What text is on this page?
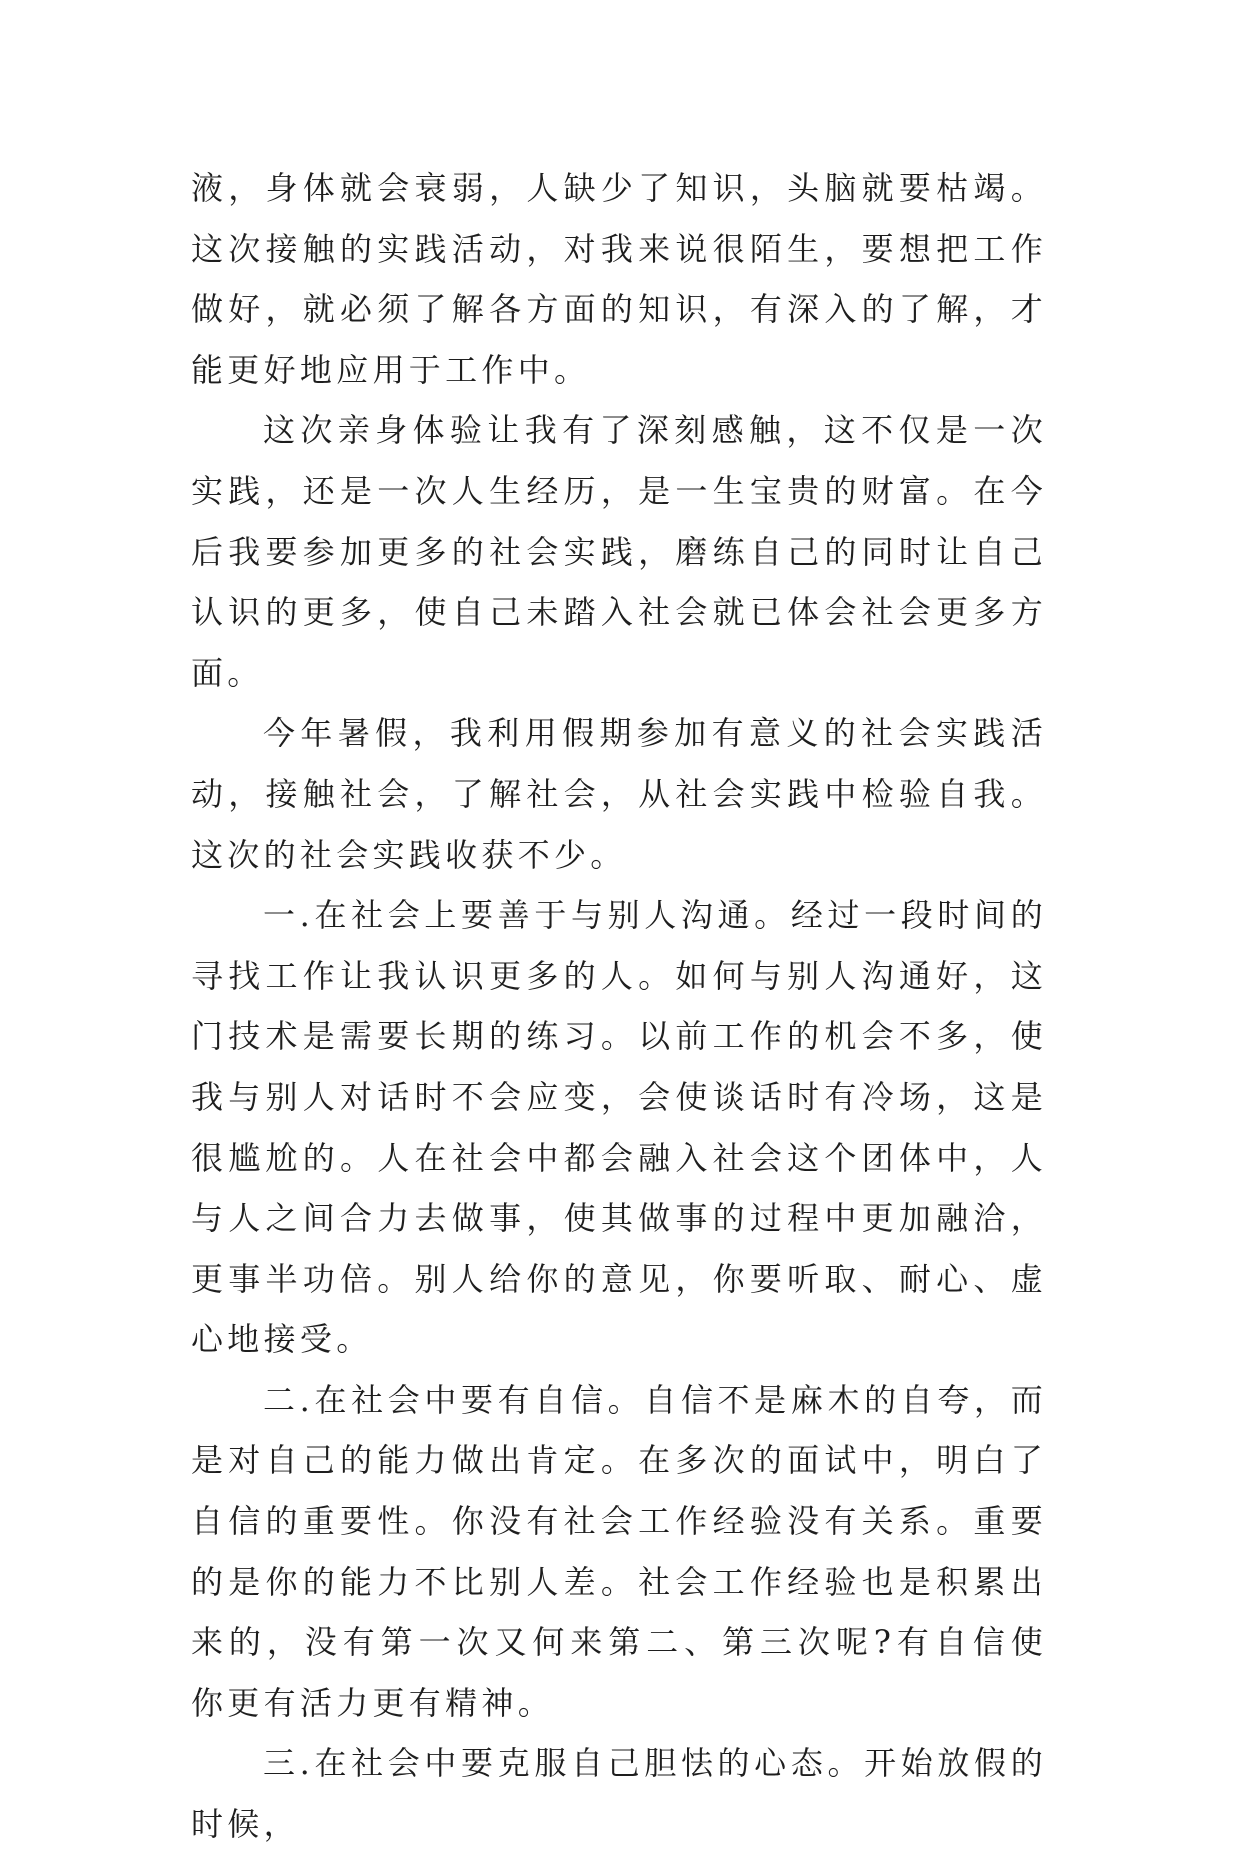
液，身体就会衰弱，人缺少了知识，头脑就要枯竭。这次接触的实践活动，对我来说很陌生，要想把工作做好，就必须了解各方面的知识，有深入的了解，才能更好地应用于工作中。

这次亲身体验让我有了深刻感触，这不仅是一次实践，还是一次人生经历，是一生宝贵的财富。在今后我要参加更多的社会实践，磨练自己的同时让自己认识的更多，使自己未踏入社会就已体会社会更多方面。

今年暑假，我利用假期参加有意义的社会实践活动，接触社会，了解社会，从社会实践中检验自我。这次的社会实践收获不少。

一.在社会上要善于与别人沟通。经过一段时间的寻找工作让我认识更多的人。如何与别人沟通好，这门技术是需要长期的练习。以前工作的机会不多，使我与别人对话时不会应变，会使谈话时有冷场，这是很尴尬的。人在社会中都会融入社会这个团体中，人与人之间合力去做事，使其做事的过程中更加融洽，更事半功倍。别人给你的意见，你要听取、耐心、虚心地接受。

二.在社会中要有自信。自信不是麻木的自夸，而是对自己的能力做出肯定。在多次的面试中，明白了自信的重要性。你没有社会工作经验没有关系。重要的是你的能力不比别人差。社会工作经验也是积累出来的，没有第一次又何来第二、第三次呢?有自信使你更有活力更有精神。

三.在社会中要克服自己胆怯的心态。开始放假的时候，
